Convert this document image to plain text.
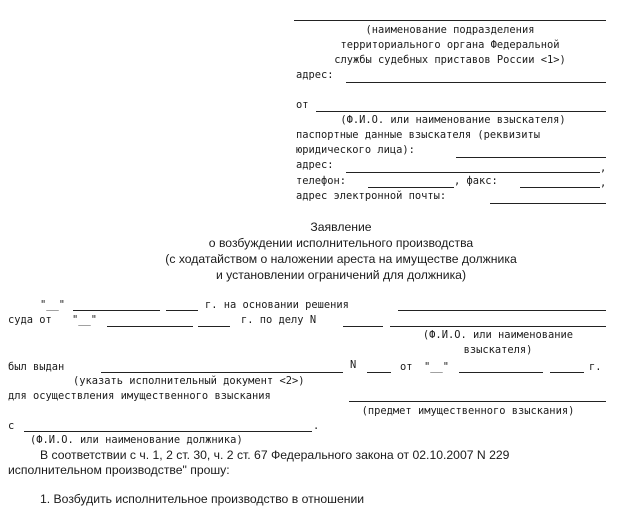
(наименование подразделения
территориального органа Федеральной
службы судебных приставов России <1>)
адрес:
от
(Ф.И.О. или наименование взыскателя)
паспортные данные взыскателя (реквизиты
юридического лица):
адрес:	,
телефон:	, факс:	,
адрес электронной почты:
Заявление
о возбуждении исполнительного производства
(с ходатайством о наложении ареста на имуществе должника
и установлении ограничений для должника)
"__"	г. на основании решения
суда от "__"	г. по делу N
(Ф.И.О. или наименование
взыскателя)
был выдан	N	от "__"	г.
(указать исполнительный документ <2>)
для осуществления имущественного взыскания
(предмет имущественного взыскания)
с	.
(Ф.И.О. или наименование должника)
В соответствии с ч. 1, 2 ст. 30, ч. 2 ст. 67 Федерального закона от 02.10.2007 N 229
исполнительном производстве" прошу:
1. Возбудить исполнительное производство в отношении
